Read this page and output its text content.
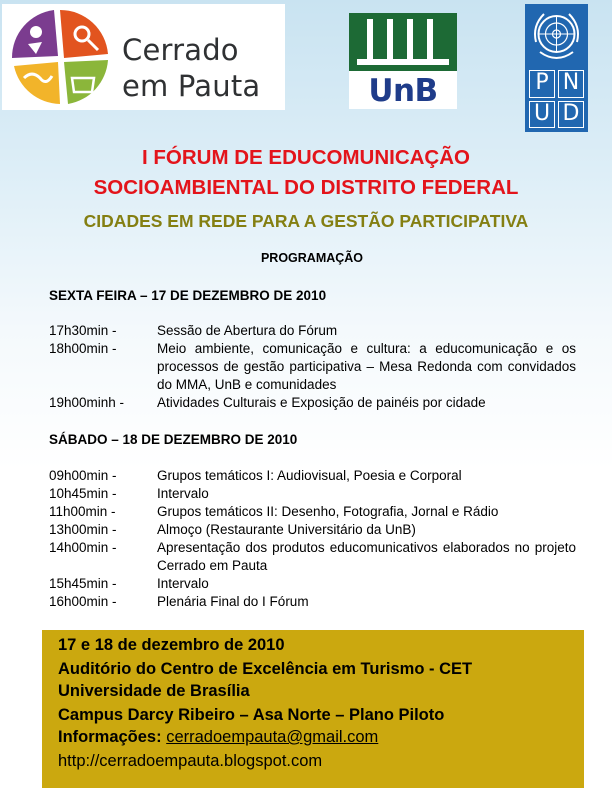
Cerrado
em Pauta	UnB	P N
U D
I FÓRUM DE EDUCOMUNICAÇÃO
SOCIOAMBIENTAL DO DISTRITO FEDERAL
CIDADES EM REDE PARA A GESTÃO PARTICIPATIVA
PROGRAMAÇÃO
SEXTA FEIRA – 17 DE DEZEMBRO DE 2010
17h30min -	Sessão de Abertura do Fórum
18h00min -	Meio ambiente, comunicação e cultura: a educomunicação e os processos de gestão participativa – Mesa Redonda com convidados do MMA, UnB e comunidades
19h00minh -	Atividades Culturais e Exposição de painéis por cidade
SÁBADO – 18 DE DEZEMBRO DE 2010
09h00min -	Grupos temáticos I: Audiovisual, Poesia e Corporal
10h45min -	Intervalo
11h00min -	Grupos temáticos II: Desenho, Fotografia, Jornal e Rádio
13h00min -	Almoço (Restaurante Universitário da UnB)
14h00min -	Apresentação dos produtos educomunicativos elaborados no projeto Cerrado em Pauta
15h45min -	Intervalo
16h00min -	Plenária Final do I Fórum
17 e 18 de dezembro de 2010
Auditório do Centro de Excelência em Turismo - CET
Universidade de Brasília
Campus Darcy Ribeiro – Asa Norte – Plano Piloto
Informações: cerradoempauta@gmail.com
http://cerradoempauta.blogspot.com
